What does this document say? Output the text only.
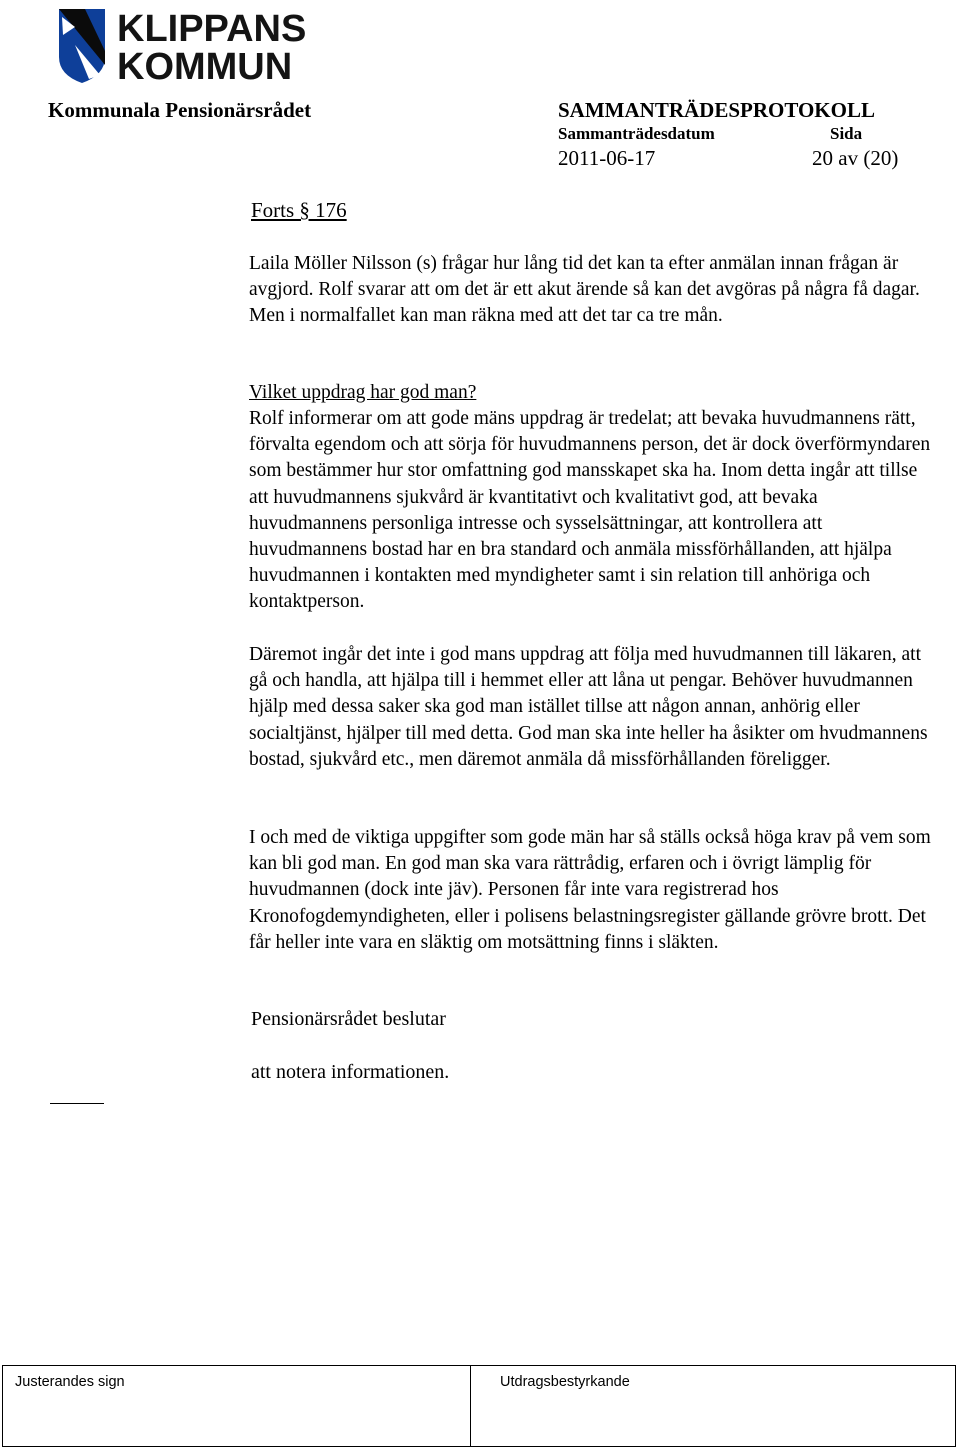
KLIPPANS
KOMMUN
Kommunala Pensionärsrådet	SAMMANTRÄDESPROTOKOLL
Sammanträdesdatum	Sida
2011-06-17	20 av (20)
Forts § 176

Laila Möller Nilsson (s) frågar hur lång tid det kan ta efter anmälan innan frågan är avgjord. Rolf svarar att om det är ett akut ärende så kan det avgöras på några få dagar. Men i normalfallet kan man räkna med att det tar ca tre mån.

Vilket uppdrag har god man?

Rolf informerar om att gode mäns uppdrag är tredelat; att bevaka huvudmannens rätt, förvalta egendom och att sörja för huvudmannens person, det är dock överförmyndaren som bestämmer hur stor omfattning god mansskapet ska ha. Inom detta ingår att tillse att huvudmannens sjukvård är kvantitativt och kvalitativt god, att bevaka huvudmannens personliga intresse och sysselsättningar, att kontrollera att huvudmannens bostad har en bra standard och anmäla missförhållanden, att hjälpa huvudmannen i kontakten med myndigheter samt i sin relation till anhöriga och kontaktperson.

Däremot ingår det inte i god mans uppdrag att följa med huvudmannen till läkaren, att gå och handla, att hjälpa till i hemmet eller att låna ut pengar. Behöver huvudmannen hjälp med dessa saker ska god man istället tillse att någon annan, anhörig eller socialtjänst, hjälper till med detta. God man ska inte heller ha åsikter om hvudmannens bostad, sjukvård etc., men däremot anmäla då missförhållanden föreligger.

I och med de viktiga uppgifter som gode män har så ställs också höga krav på vem som kan bli god man. En god man ska vara rättrådig, erfaren och i övrigt lämplig för huvudmannen (dock inte jäv). Personen får inte vara registrerad hos Kronofogdemyndigheten, eller i polisens belastningsregister gällande grövre brott. Det får heller inte vara en släktig om motsättning finns i släkten.

Pensionärsrådet beslutar
att notera informationen.
Justerandes sign	Utdragsbestyrkande
